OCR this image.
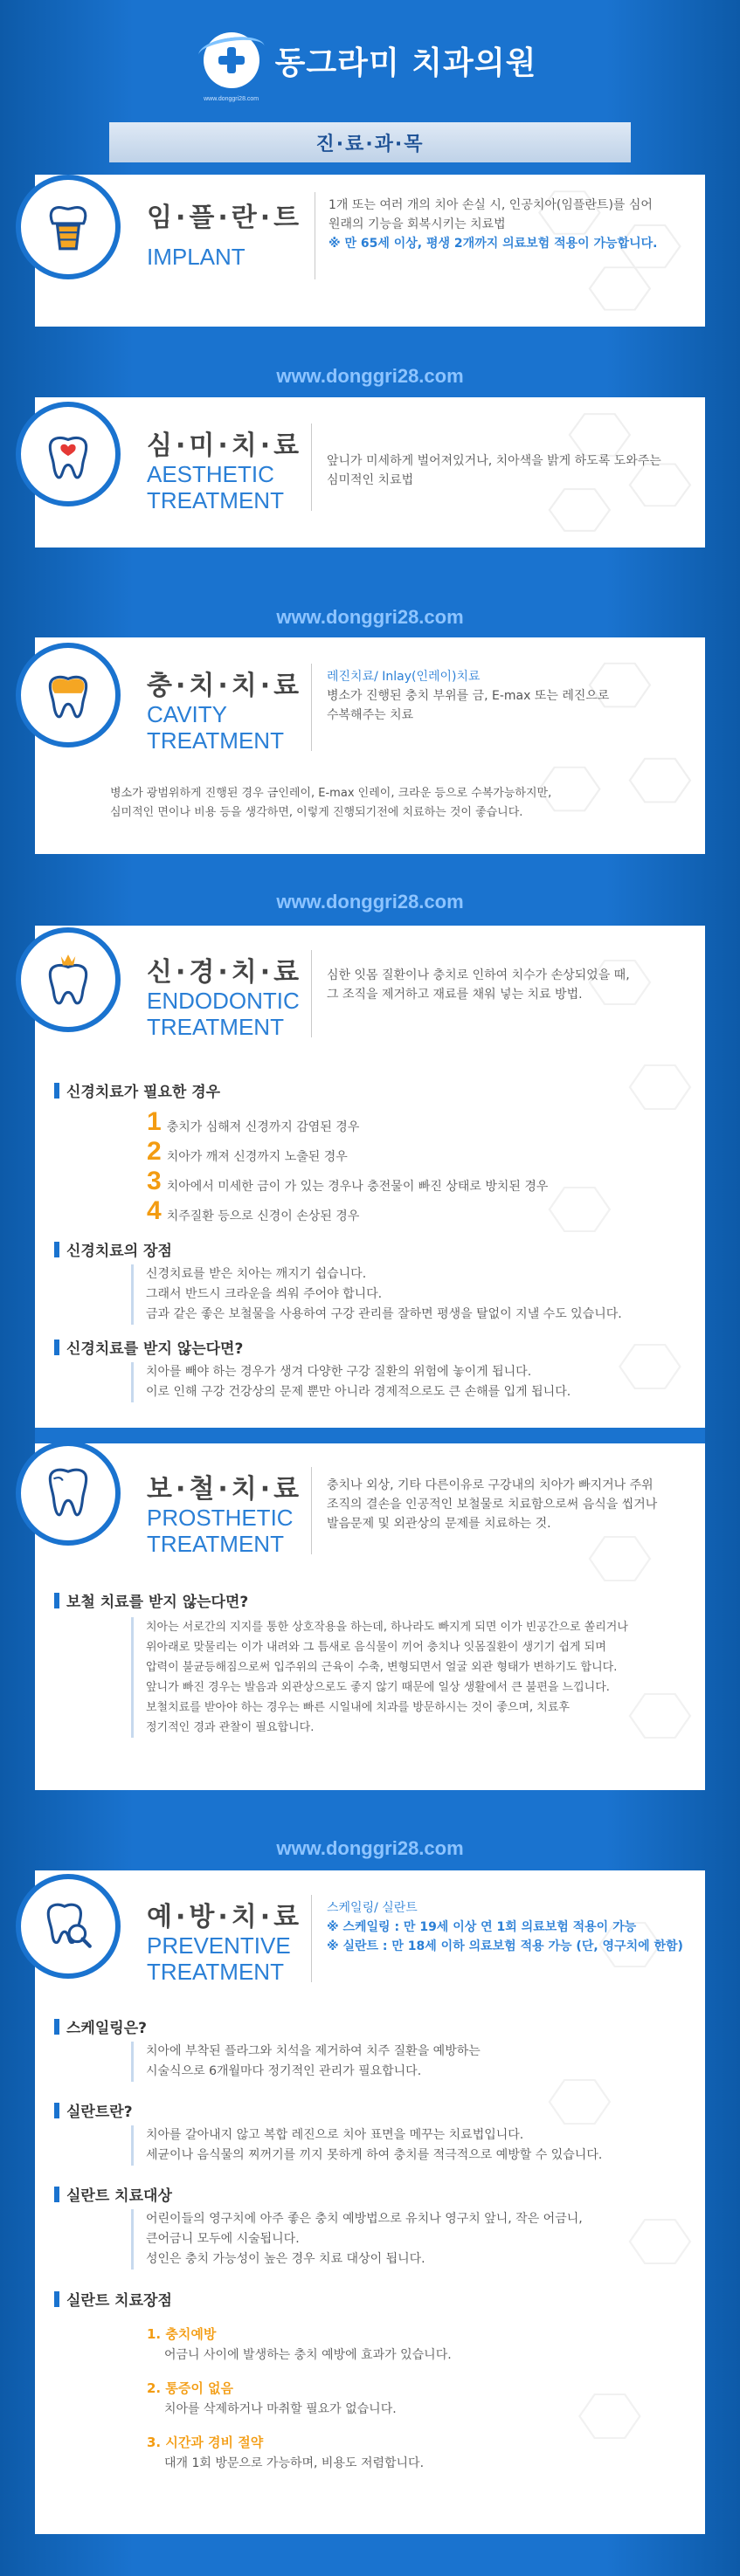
www.donggri28.com
동그라미 치과의원
진·료·과·목
임·플·란·트
IMPLANT
1개 또는 여러 개의 치아 손실 시, 인공치아(임플란트)를 심어
원래의 기능을 회복시키는 치료법
※ 만 65세 이상, 평생 2개까지 의료보험 적용이 가능합니다.
www.donggri28.com
심·미·치·료
AESTHETIC
TREATMENT
앞니가 미세하게 벌어져있거나, 치아색을 밝게 하도록 도와주는
심미적인 치료법
www.donggri28.com
충·치·치·료
CAVITY
TREATMENT
레진치료/ Inlay(인레이)치료
병소가 진행된 충치 부위를 금, E-max 또는 레진으로
수복해주는 치료
병소가 광범위하게 진행된 경우 금인레이, E-max 인레이, 크라운 등으로 수복가능하지만,
심미적인 면이나 비용 등을 생각하면, 이렇게 진행되기전에 치료하는 것이 좋습니다.
www.donggri28.com
신·경·치·료
ENDODONTIC
TREATMENT
심한 잇몸 질환이나 충치로 인하여 치수가 손상되었을 때,
그 조직을 제거하고 재료를 채워 넣는 치료 방법.
신경치료가 필요한 경우
1 충치가 심해져 신경까지 감염된 경우
2 치아가 깨져 신경까지 노출된 경우
3 치아에서 미세한 금이 가 있는 경우나 충전물이 빠진 상태로 방치된 경우
4 치주질환 등으로 신경이 손상된 경우
신경치료의 장점
신경치료를 받은 치아는 깨지기 쉽습니다.
그래서 반드시 크라운을 씌워 주어야 합니다.
금과 같은 좋은 보철물을 사용하여 구강 관리를 잘하면 평생을 탈없이 지낼 수도 있습니다.
신경치료를 받지 않는다면?
치아를 빼야 하는 경우가 생겨 다양한 구강 질환의 위험에 놓이게 됩니다.
이로 인해 구강 건강상의 문제 뿐만 아니라 경제적으로도 큰 손해를 입게 됩니다.
보·철·치·료
PROSTHETIC
TREATMENT
충치나 외상, 기타 다른이유로 구강내의 치아가 빠지거나 주위
조직의 결손을 인공적인 보철물로 치료함으로써 음식을 씹거나
발음문제 및 외관상의 문제를 치료하는 것.
보철 치료를 받지 않는다면?
치아는 서로간의 지지를 통한 상호작용을 하는데, 하나라도 빠지게 되면 이가 빈공간으로 쏠리거나
위아래로 맞물리는 이가 내려와 그 틈새로 음식물이 끼어 충치나 잇몸질환이 생기기 쉽게 되며
압력이 불균등해짐으로써 입주위의 근육이 수축, 변형되면서 얼굴 외관 형태가 변하기도 합니다.
앞니가 빠진 경우는 발음과 외관상으로도 좋지 않기 때문에 일상 생활에서 큰 불편을 느낍니다.
보철치료를 받아야 하는 경우는 빠른 시일내에 치과를 방문하시는 것이 좋으며, 치료후
정기적인 경과 관찰이 필요합니다.
www.donggri28.com
예·방·치·료
PREVENTIVE
TREATMENT
스케일링/ 실란트
※ 스케일링 : 만 19세 이상 연 1회 의료보험 적용이 가능
※ 실란트 : 만 18세 이하 의료보험 적용 가능 (단, 영구치에 한함)
스케일링은?
치아에 부착된 플라그와 치석을 제거하여 치주 질환을 예방하는
시술식으로 6개월마다 정기적인 관리가 필요합니다.
실란트란?
치아를 갈아내지 않고 복합 레진으로 치아 표면을 메꾸는 치료법입니다.
세균이나 음식물의 찌꺼기를 끼지 못하게 하여 충치를 적극적으로 예방할 수 있습니다.
실란트 치료대상
어린이들의 영구치에 아주 좋은 충치 예방법으로 유치나 영구치 앞니, 작은 어금니,
큰어금니 모두에 시술됩니다.
성인은 충치 가능성이 높은 경우 치료 대상이 됩니다.
실란트 치료장점
1. 충치예방
어금니 사이에 발생하는 충치 예방에 효과가 있습니다.
2. 통증이 없음
치아를 삭제하거나 마취할 필요가 없습니다.
3. 시간과 경비 절약
대개 1회 방문으로 가능하며, 비용도 저렴합니다.
